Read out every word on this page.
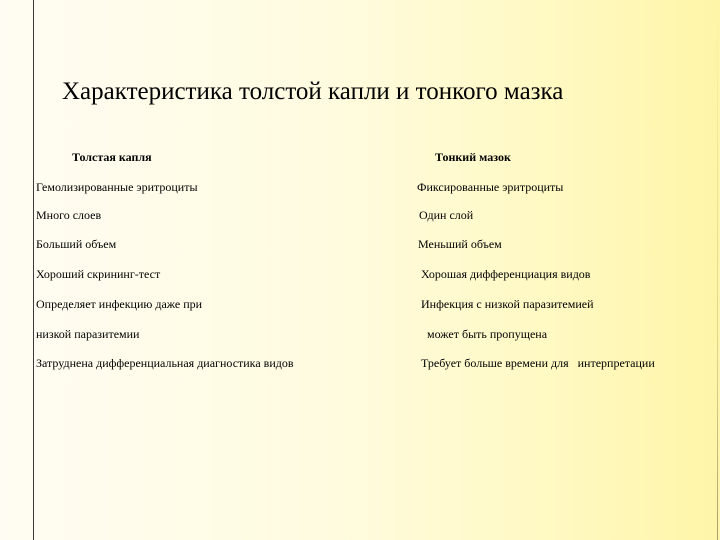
Характеристика толстой капли и тонкого мазка
Толстая капля	Тонкий мазок
Гемолизированные эритроциты	Фиксированные эритроциты
Много слоев	Один слой
Больший объем	Меньший объем
Хороший скрининг-тест	Хорошая дифференциация видов
Определяет инфекцию даже при	Инфекция с низкой паразитемией
низкой паразитемии	может быть пропущена
Затруднена дифференциальная диагностика видов	Требует больше времени для   интерпретации
